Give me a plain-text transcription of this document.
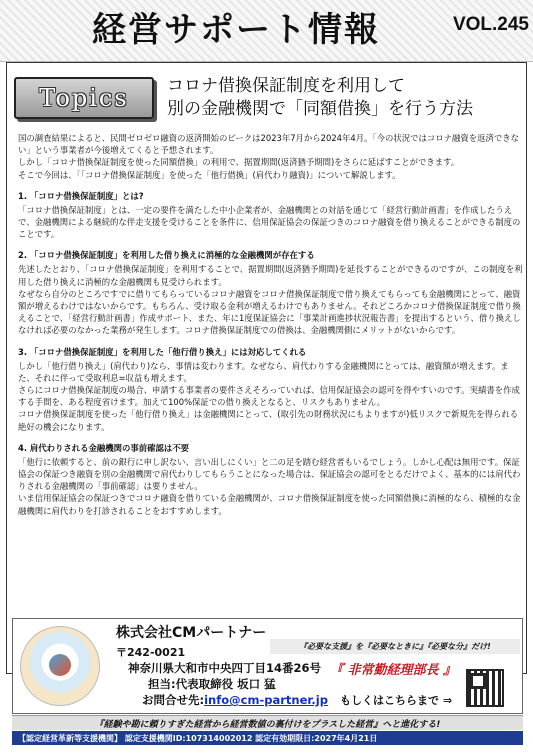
経営サポート情報	VOL.245
Topics コロナ借換保証制度を利用して
別の金融機関で「同額借換」を行う方法

国の調査結果によると、民間ゼロゼロ融資の返済開始のピークは2023年7月から2024年4月。「今の状況ではコロナ融資を返済できない」という事業者が今後増えてくると予想されます。

しかし「コロナ借換保証制度を使った同額借換」の利用で、据置期間(返済猶予期間)をさらに延ばすことができます。

そこで今回は、「「コロナ借換保証制度」を使った「他行借換」(肩代わり融資)」について解説します。

1. 「コロナ借換保証制度」とは?

「コロナ借換保証制度」とは、一定の要件を満たした中小企業者が、金融機関との対話を通じて「経営行動計画書」を作成したうえで、金融機関による継続的な伴走支援を受けることを条件に、信用保証協会の保証つきのコロナ融資を借り換えることができる制度のことです。

2. 「コロナ借換保証制度」を利用した借り換えに消極的な金融機関が存在する

先述したとおり、「コロナ借換保証制度」を利用することで、据置期間(返済猶予期間)を延長することができるのですが、この制度を利用した借り換えに消極的な金融機関も見受けられます。

なぜなら自分のところですでに借りてもらっているコロナ融資をコロナ借換保証制度で借り換えてもらっても金融機関にとって、融資額が増えるわけではないからです。もちろん、受け取る金利が増えるわけでもありません。それどころかコロナ借換保証制度で借り換えることで、「経営行動計画書」作成サポート、また、年に1度保証協会に「事業計画進捗状況報告書」を提出するという、借り換えしなければ必要のなかった業務が発生します。コロナ借換保証制度での借換は、金融機関側にメリットがないからです。

3. 「コロナ借換保証制度」を利用した「他行借り換え」には対応してくれる

しかし「他行借り換え」(肩代わり)なら、事情は変わります。なぜなら、肩代わりする金融機関にとっては、融資額が増えます。また、それに伴って受取利息=収益も増えます。

さらにコロナ借換保証制度の場合、申請する事業者の要件さえそろっていれば、信用保証協会の認可を得やすいのです。実績書を作成する手間を、ある程度省けます。加えて100%保証での借り換えとなると、リスクもありません。

コロナ借換保証制度を使った「他行借り換え」は金融機関にとって、(取引先の財務状況にもよりますが)低リスクで新規先を得られる絶好の機会になります。

4. 肩代わりされる金融機関の事前確認は不要

「他行に依頼すると、前の銀行に申し訳ない、言い出しにくい」と二の足を踏む経営者もいるでしょう。しかし心配は無用です。保証協会の保証つき融資を別の金融機関で肩代わりしてもらうことになった場合は、保証協会の認可をとるだけでよく、基本的には肩代わりされる金融機関の「事前確認」は要りません。

いま信用保証協会の保証つきでコロナ融資を借りている金融機関が、コロナ借換保証制度を使った同額借換に消極的なら、積極的な金融機関に肩代わりを打診されることをおすすめします。

株式会社CMパートナー
〒242-0021	『必要な支援』を『必要なときに』『必要な分』だけ!
神奈川県大和市中央四丁目14番26号 『 非常勤経理部長 』
担当:代表取締役 坂口 猛
お問合せ先:info@cm-partner.jp もしくはこちらまで ⇒
『経験や勘に頼りすぎた経営から経営数値の裏付けをプラスした経営』へと進化する!
【認定経営革新等支援機関】 認定支援機関ID:107314002012 認定有効期限日:2027年4月21日
